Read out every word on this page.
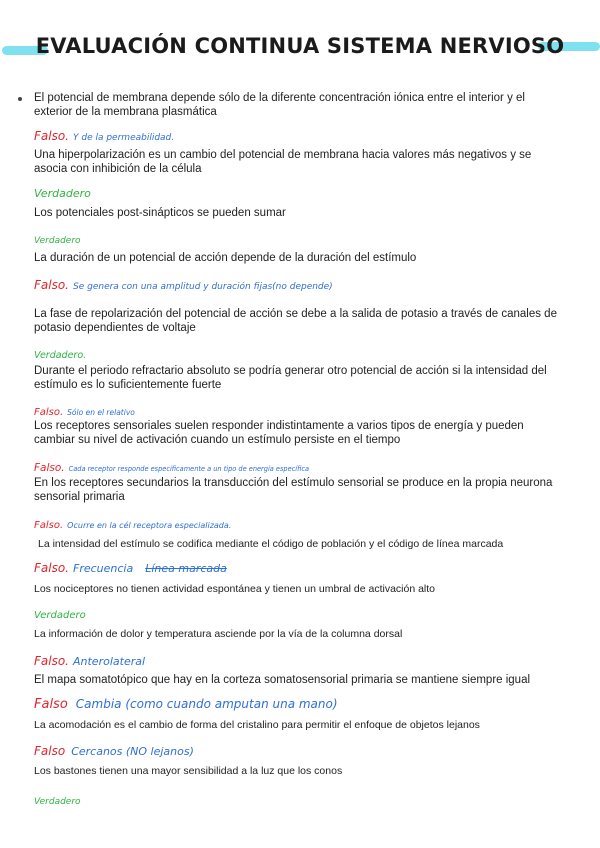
EVALUACIÓN CONTINUA SISTEMA NERVIOSO

El potencial de membrana depende sólo de la diferente concentración iónica entre el interior y el exterior de la membrana plasmática

Falso. Y de la permeabilidad.

Una hiperpolarización es un cambio del potencial de membrana hacia valores más negativos y se asocia con inhibición de la célula

Verdadero

Los potenciales post-sinápticos se pueden sumar

Verdadero

La duración de un potencial de acción depende de la duración del estímulo

Falso. Se genera con una amplitud y duración fijas(no depende)

La fase de repolarización del potencial de acción se debe a la salida de potasio a través de canales de potasio dependientes de voltaje

Verdadero.

Durante el periodo refractario absoluto se podría generar otro potencial de acción si la intensidad del estímulo es lo suficientemente fuerte

Falso. Sólo en el relativo

Los receptores sensoriales suelen responder indistintamente a varios tipos de energía y pueden cambiar su nivel de activación cuando un estímulo persiste en el tiempo

Falso. Cada receptor responde específicamente a un tipo de energía específica

En los receptores secundarios la transducción del estímulo sensorial se produce en la propia neurona sensorial primaria

Falso. Ocurre en la cél receptora especializada.

La intensidad del estímulo se codifica mediante el código de población y el código de línea marcada

Falso. Frecuencia Línea marcada

Los nociceptores no tienen actividad espontánea y tienen un umbral de activación alto

Verdadero

La información de dolor y temperatura asciende por la vía de la columna dorsal

Falso. Anterolateral

El mapa somatotópico que hay en la corteza somatosensorial primaria se mantiene siempre igual

Falso Cambia (como cuando amputan una mano)

La acomodación es el cambio de forma del cristalino para permitir el enfoque de objetos lejanos

Falso Cercanos (NO lejanos)

Los bastones tienen una mayor sensibilidad a la luz que los conos

Verdadero
